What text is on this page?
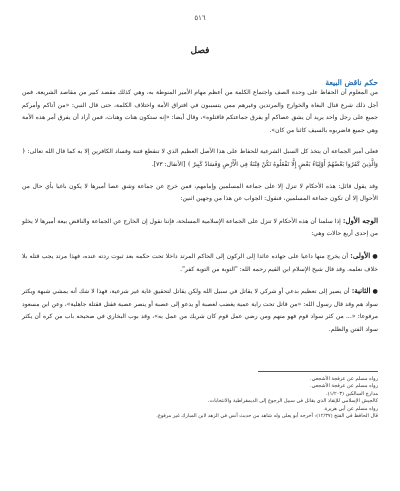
٥١٦
فصل
حكم ناقض البيعة

من المعلوم أن الحفاظ على وحدة الصف واجتماع الكلمة من أعظم مهام الأمير المنوطة به، وهي كذلك مقصد كبير من مقاصد الشريعة. فمن أجل ذلك شرع قتال البغاة والخوارج والمرتدين وغيرهم ممن يتسببون في افتراق الأمة واختلاف الكلمة، حتى قال النبي: «من أتاكم وأمركم جميع على رجل واحد يريد أن يشق عصاكم أو يفرق جماعتكم فاقتلوه»، وقال أيضا: «إنه ستكون هنات وهنات، فمن أراد أن يفرق أمر هذه الأمة وهي جميع فاضربوه بالسيف كائنا من كان».

فعلى أمير الجماعة أن يتخذ كل السبل الشرعية للحفاظ على هذا الأصل العظيم الذي لا تنقطع فتنة وفساد الكافرين إلا به كما قال الله تعالى: ﴿ وَالَّذِينَ كَفَرُوا بَعْضُهُمْ أَوْلِيَاءُ بَعْضٍ إِلَّا تَفْعَلُوهُ تَكُنْ فِتْنَةٌ فِي الْأَرْضِ وَفَسَادٌ كَبِيرٌ ﴾ [الأنفال: ٧٣].

وقد يقول قائل: هذه الأحكام لا تنزل إلا على جماعة المسلمين وإمامهم، فمن خرج عن جماعة وشق عصا أميرها لا يكون باغيا بأي حال من الأحوال إلا أن تكون جماعة المسلمين، فنقول: الجواب عن هذا من وجهين اثنين:

الوجه الأول: إذا سلمنا أن هذه الأحكام لا تنزل على الجماعة الإسلامية المسلحة، فإننا نقول إن الخارج عن الجماعة والناقض بيعة أميرها لا يخلو من إحدى أربع حالات وهي:

● الأولى: أن يخرج منها داعيا على جهاده عائدا إلى الركون إلى الحاكم المرتد داخلا تحت حكمه بعد ثبوت ردته عنده، فهذا مرتد يجب قتله بلا خلاف نعلمه. وقد قال شيخ الإسلام ابن القيم رحمه الله: "التوبة من التوبة كفر".

● الثانية: أن يصير إلى تعظيم بدعي أو شركي لا يقاتل في سبيل الله ولكن يقاتل لتحقيق غاية غير شرعية، فهذا لا شك أنه يمشي شبهة ويكثر سواد هم وقد قال رسول الله: «من قاتل تحت راية عمية يغضب لعصبة أو يدعو إلى عصبة أو ينصر عصبة فقتل فقتلة جاهلية»، وعن ابن مسعود مرفوعا: «... من كثر سواد قوم فهو منهم ومن رضي عمل قوم كان شريك من عمل به»، وقد بوب البخاري في صحيحه باب من كره أن يكثر سواد الفتن والظلم.

رواه مسلم عن عرفجة الأشجعي.
رواه مسلم عن عرفجة الأشجعي.
مدارج السالكين (١/٢٠٣).
كالجيش الإسلامي للإنقاذ الذي يقاتل في سبيل الرجوع إلى الديمقراطية والانتخابات.
رواه مسلم عن أبي هريرة.
قال الحافظ في الفتح (١٢/٣٧): أخرجه أبو يعلى وله شاهد من حديث أنس في الزهد لابن المبارك غير مرفوع.
